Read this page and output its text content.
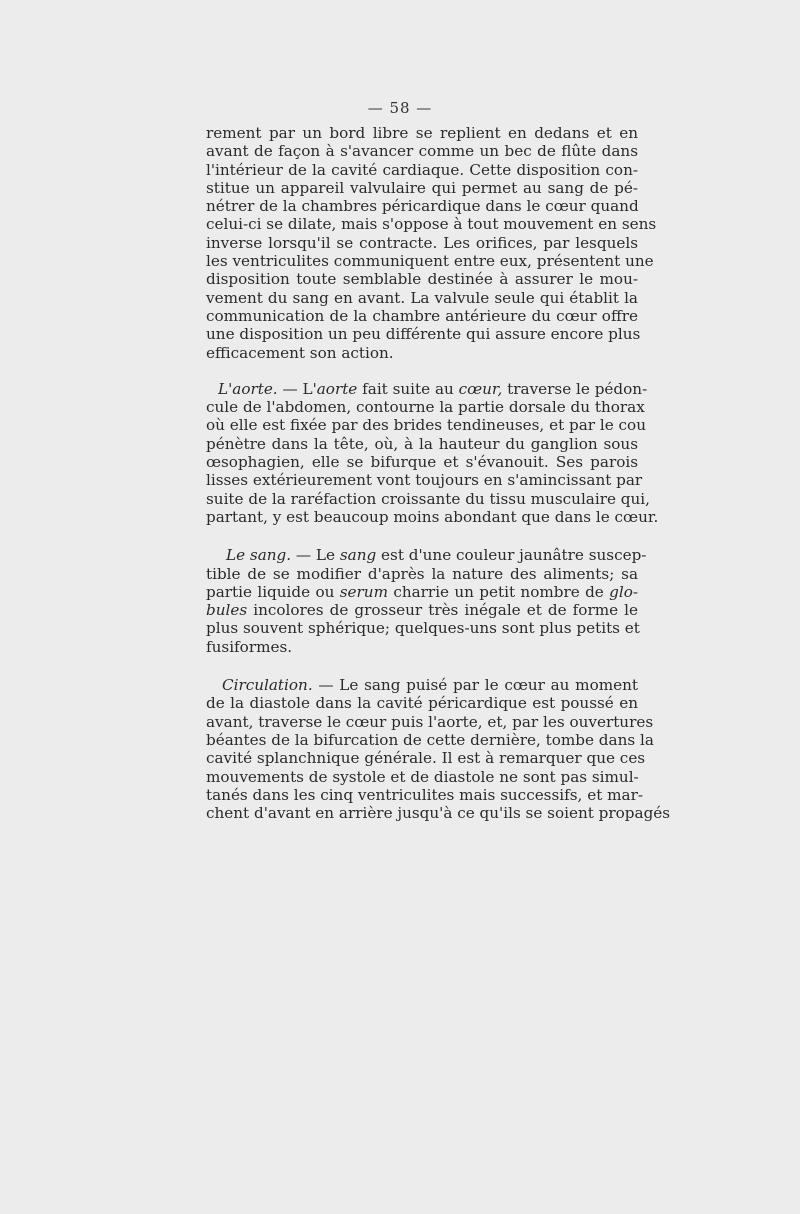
— 58 —

rement par un bord libre se replient en dedans et en
avant de façon à s'avancer comme un bec de flûte dans
l'intérieur de la cavité cardiaque. Cette disposition con-
stitue un appareil valvulaire qui permet au sang de pé-
nétrer de la chambres péricardique dans le cœur quand
celui-ci se dilate, mais s'oppose à tout mouvement en sens
inverse lorsqu'il se contracte. Les orifices, par lesquels
les ventriculites communiquent entre eux, présentent une
disposition toute semblable destinée à assurer le mou-
vement du sang en avant. La valvule seule qui établit la
communication de la chambre antérieure du cœur offre
une disposition un peu différente qui assure encore plus
efficacement son action.

L'aorte. — L'aorte fait suite au cœur, traverse le pédon-
cule de l'abdomen, contourne la partie dorsale du thorax
où elle est fixée par des brides tendineuses, et par le cou
pénètre dans la tête, où, à la hauteur du ganglion sous
œsophagien, elle se bifurque et s'évanouit. Ses parois
lisses extérieurement vont toujours en s'amincissant par
suite de la raréfaction croissante du tissu musculaire qui,
partant, y est beaucoup moins abondant que dans le cœur.

Le sang. — Le sang est d'une couleur jaunâtre suscep-
tible de se modifier d'après la nature des aliments; sa
partie liquide ou serum charrie un petit nombre de glo-
bules incolores de grosseur très inégale et de forme le
plus souvent sphérique; quelques-uns sont plus petits et
fusiformes.

Circulation. — Le sang puisé par le cœur au moment
de la diastole dans la cavité péricardique est poussé en
avant, traverse le cœur puis l'aorte, et, par les ouvertures
béantes de la bifurcation de cette dernière, tombe dans la
cavité splanchnique générale. Il est à remarquer que ces
mouvements de systole et de diastole ne sont pas simul-
tanés dans les cinq ventriculites mais successifs, et mar-
chent d'avant en arrière jusqu'à ce qu'ils se soient propagés
